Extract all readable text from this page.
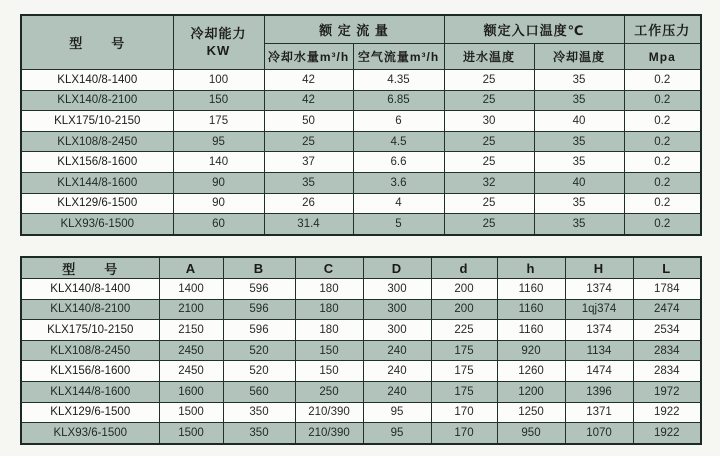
型　　号	冷却能力
KW	额 定 流 量		额定入口温度℃		工作压力
		冷却水量m³/h	空气流量m³/h	进水温度	冷却温度	Mpa
KLX140/8-1400	100	42	4.35	25	35	0.2
KLX140/8-2100	150	42	6.85	25	35	0.2
KLX175/10-2150	175	50	6	30	40	0.2
KLX108/8-2450	95	25	4.5	25	35	0.2
KLX156/8-1600	140	37	6.6	25	35	0.2
KLX144/8-1600	90	35	3.6	32	40	0.2
KLX129/6-1500	90	26	4	25	35	0.2
KLX93/6-1500	60	31.4	5	25	35	0.2
型　　号	A	B	C	D	d	h	H	L
KLX140/8-1400	1400	596	180	300	200	1160	1374	1784
KLX140/8-2100	2100	596	180	300	200	1160	1qj374	2474
KLX175/10-2150	2150	596	180	300	225	1160	1374	2534
KLX108/8-2450	2450	520	150	240	175	920	1134	2834
KLX156/8-1600	2450	520	150	240	175	1260	1474	2834
KLX144/8-1600	1600	560	250	240	175	1200	1396	1972
KLX129/6-1500	1500	350	210/390	95	170	1250	1371	1922
KLX93/6-1500	1500	350	210/390	95	170	950	1070	1922
